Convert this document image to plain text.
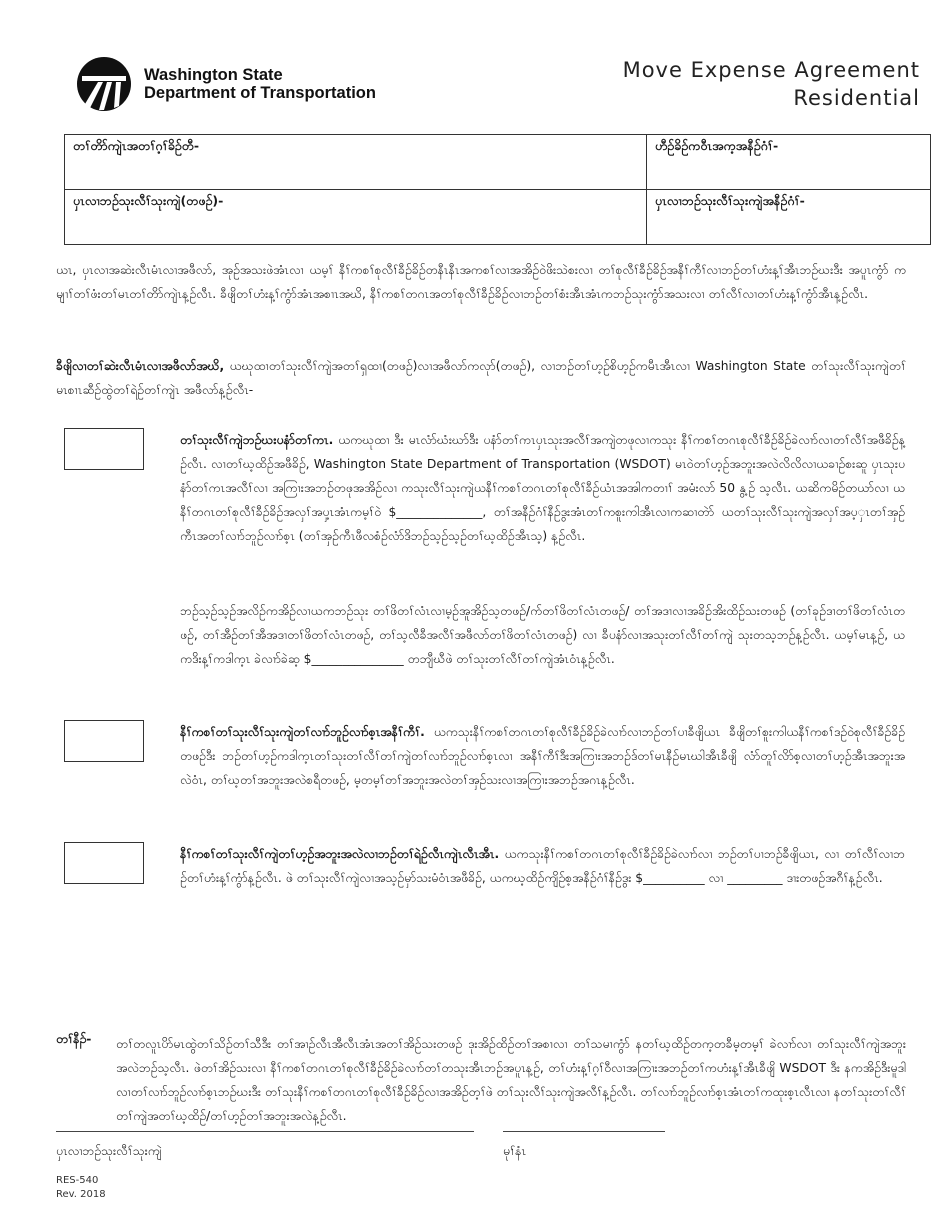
Washington State
Department of Transportation
Move Expense Agreement
Residential
တၢ်တိာ်ကျဲၤအတၢ်ဂ့ၢ်ခိဉ်တီ-	ဟီဉ်ခိဉ်ကဝီၤအက့အနီဉ်ဂံၢ်-
ပှၤလၢဘဉ်သုးလီၢ်သုးကျဲ(တဖဉ်)-	ပှၤလၢဘဉ်သုးလီၢ်သုးကျဲအနီဉ်ဂံၢ်-

ယၤ, ပှၤလၢအဆဲးလီၤမံၤလၢအဖီလာ်, အုဉ်အသးဖဲအံၤလၢ ယမ့ၢ် နီၢ်ကစၢ်စုလီၢ်ခီဉ်ခိဉ်တနီၤနီၤအကစၢ်လၢအအိဉ်ဝဲဖိးသဲစးလၢ တၢ်စုလီၢ်ခီဉ်ခိဉ်အနီၢ်ကီၢ်လၢဘဉ်တၢ်ဟံးန့ၢ်အီၤဘဉ်ဃးဒီး အပူၤကွံာ် ကမျၢၢ်တၢ်ဖံးတၢ်မၤတၢ်တိာ်ကျဲၤန့ဉ်လီၤ. ခီဖျိတၢ်ဟံးန့ၢ်ကွံာ်အံၤအစၢၤအဃိ, နီၢ်ကစၢ်တဂၤအတၢ်စုလီၢ်ခီဉ်ခိဉ်လၢဘဉ်တၢ်စံးအီၤအံၤကဘဉ်သုးကွံာ်အသးလၢ တၢ်လီၢ်လၢတၢ်ဟံးန့ၢ်ကွံာ်အီၤန့ဉ်လီၤ.

ခီဖျိလၢတၢ်ဆဲးလီၤမံၤလၢအဖီလာ်အဃိ, ယဃုထၢတၢ်သုးလီၢ်ကျဲအတၢ်ရှထၢ(တဖဉ်)လၢအဖီလာ်ကလုာ်(တဖဉ်), လၢဘဉ်တၢ်ဟ့ဉ်စိဟ့ဉ်ကမီၤအီၤလၢ Washington State တၢ်သုးလီၢ်သုးကျဲတၢ်မၤစၢၤဆီဉ်ထွဲတၢ်ရဲဉ်တၢ်ကျဲၤ အဖီလာ်န့ဉ်လီၤ-

တၢ်သုးလီၢ်ကျဲဘဉ်ဃးပနံာ်တၢ်ကၤ. ယကဃုထၢ ဒီး မၤလံာ်ဃံးဃာ်ဒီး ပနံာ်တၢ်ကၤပှၤသုးအလီၢ်အကျဲတဖုလၢကသုး နီၢ်ကစၢ်တဂၤစုလီၢ်ခီဉ်ခိဉ်ခဲလၢာ်လၢတၢ်လီၢ်အဖီခိဉ်န့ဉ်လီၤ. လၢတၢ်ဃ့ထိဉ်အဖီခိဉ်, Washington State Department of Transportation (WSDOT) မၤဝဲတၢ်ဟ့ဉ်အဘူးအလဲလိလိလၢယခၢဉ်စးဆူ ပှၤသုးပနံာ်တၢ်ကၤအလီၢ်လၢ အကြၢးအဘဉ်တဖုအအိဉ်လၢ ကသုးလီၢ်သုးကျဲယနီၢ်ကစၢ်တဂၤတၢ်စုလီၢ်ခီဉ်ယံၤအအါကတၢၢ် အမံးလာ် 50 နွ့ဉ် သ့လီၤ. ယဆိကမိဉ်တယာ်လၢ ယနီၢ်တဂၤတၢ်စုလီၢ်ခီဉ်ခိဉ်အလှၢ်အပှ့ၤအံၤကမ့ၢ်ဝဲ $______________, တၢ်အနီဉ်ဂံၢ်နီဉ်ဒွးအံၤတၢ်ကစူးကါအီၤလၢကဆၢတဲာ် ယတၢ်သုးလီၢ်သုးကျဲအလှၢ်အပ့ှၤတၢ်အှဉ်ကီၤအတၢ်လၢာ်ဘူဉ်လၢာ်စ့ၤ (တၢ်အှဉ်ကီၤဖီလစံဉ်လံာ်ဒိဘဉ်သ့ဉ်သ့ဉ်တၢ်ဃ့ထိဉ်အီၤသ့) န့ဉ်လီၤ.

ဘဉ်သ့ဉ်သ့ဉ်အလိဉ်ကအိဉ်လၢယကဘဉ်သုး တၢ်ဖိတၢ်လံၤလၢမ့ဉ်အူအိဉ်သ့တဖဉ်/က်တၢ်ဖိတၢ်လံၤတဖဉ်/ တၢ်အဒၢလၢအခိဉ်အိးထိဉ်သးတဖဉ် (တၢ်ခုဉ်ဒၢတၢ်ဖိတၢ်လံၤတဖဉ်, တၢ်အီဉ်တၢ်အီအဒၢတၢ်ဖိတၢ်လံၤတဖဉ်, တၢ်သ့လီခီအလီၢ်အဖီလာ်တၢ်ဖိတၢ်လံၤတဖဉ်) လၢ ခီပနံာ်လၢအသုးတၢ်လီၢ်တၢ်ကျဲ သုးတသ့ဘဉ်န့ဉ်လီၤ. ယမ့ၢ်မၤန့ဉ်, ယကဒိးန့ၢ်ကဒါက့ၤ ခဲလၢာ်ခဲဆ့ $_______________ တဘျီဃီဖဲ တၢ်သုးတၢ်လီၢ်တၢ်ကျဲအံၤဝံၤန့ဉ်လီၤ.

နီၢ်ကစၢ်တၢ်သုးလီၢ်သုးကျဲတၢ်လၢာ်ဘူဉ်လၢာ်စ့ၤအနီၢ်ကီၢ်. ယကသုးနီၢ်ကစၢ်တဂၤတၢ်စုလီၢ်ခီဉ်ခိဉ်ခဲလၢာ်လၢဘဉ်တၢ်ပၢခီဖျိယၤ ခီဖျိတၢ်စူးကါယနီၢ်ကစၢ်ဒဉ်ဝဲစုလီၢ်ခီဉ်ခိဉ်တဖဉ်ဒီး ဘဉ်တၢ်ဟ့ဉ်ကဒါက့ၤတၢ်သုးတၢ်လီၢ်တၢ်ကျဲတၢ်လၢာ်ဘူဉ်လၢာ်စ့ၤလၢ အနီၢ်ကီၢ်ဒီးအကြၢးအဘဉ်ဒ်တၢ်မၤနီဉ်မၤဃါအီၤခီဖျိ လံာ်တူၢ်လိာ်စ့လၢတၢ်ဟ့ဉ်အီၤအဘူးအလဲဝံၤ, တၢ်ဃ့တၢ်အဘူးအလဲစရီတဖဉ်, မ့တမ့ၢ်တၢ်အဘူးအလဲတၢ်အှဉ်သးလၢအကြၢးအဘဉ်အဂၤန့ဉ်လီၤ.

နီၢ်ကစၢ်တၢ်သုးလီၢ်ကျဲတၢ်ဟ့ဉ်အဘူးအလဲလၢဘဉ်တၢ်ရဲဉ်လီၤကျဲၤလီၤအီၤ. ယကသုးနီၢ်ကစၢ်တဂၤတၢ်စုလီၢ်ခီဉ်ခိဉ်ခဲလၢာ်လၢ ဘဉ်တၢ်ပၢဘဉ်ခီဖျိယၤ, လၢ တၢ်လီၢ်လၢဘဉ်တၢ်ဟံးန့ၢ်ကွံာ်န့ဉ်လီၤ. ဖဲ တၢ်သုးလီၢ်ကျဲလၢအသ့ဉ်မှာ်သးမံဝံၤအဖီခိဉ်, ယကဃ့ထိဉ်ကျိဉ်စ့အနီဉ်ဂံၢ်နီဉ်ဒွး $__________ လၢ _________ ဒၢးတဖဉ်အဂီၢ်န့ဉ်လီၤ.

တၢ်နီၣ်- တၢ်တလူၤပိာ်မၤထွဲတၢ်သိဉ်တၢ်သီဒီး တၢ်အၢဉ်လီၤအီလီၤအံၤအတၢ်အိဉ်သးတဖဉ် ဒုးအိဉ်ထိဉ်တၢ်အစၢလၢ တၢ်သမၢကွံာ် နတၢ်ဃ့ထိဉ်တက့တခီမ့တမ့ၢ် ခဲလၢာ်လၢ တၢ်သုးလီၢ်ကျဲအဘူးအလဲဘဉ်သ့လီၤ. ဖဲတၢ်အိဉ်သးလၢ နီၢ်ကစၢ်တဂၤတၢ်စုလီၢ်ခီဉ်ခိဉ်ခဲလၢာ်တၢ်တသုးအီၤဘဉ်အပူၤန့ဉ်, တၢ်ဟံးန့ၢ်ဂ့ၢ်ဝီလၢအကြၢးအဘဉ်တၢ်ကဟံးန့ၢ်အီၤခီဖျိ WSDOT ဒီး နကအိဉ်ဒီးမူဒါလၢတၢ်လၢာ်ဘူဉ်လၢာ်စ့ၤဘဉ်ဃးဒီး တၢ်သုးနီၢ်ကစၢ်တဂၤတၢ်စုလီၢ်ခီဉ်ခိဉ်လၢအအိဉ်တ့ၢ်ဖဲ တၢ်သုးလီၢ်သုးကျဲအလီၢ်န့ဉ်လီၤ. တၢ်လၢာ်ဘူဉ်လၢာ်စ့ၤအံၤတၢ်ကထုးစ့ၤလီၤလၢ နတၢ်သုးတၢ်လီၢ်တၢ်ကျဲအတၢ်ဃ့ထိဉ်/တၢ်ဟ့ဉ်တၢ်အဘူးအလဲန့ဉ်လီၤ.

ပှၤလၢဘဉ်သုးလီၢ်သုးကျဲ	မုၢ်နံၤ
RES-540
Rev. 2018
